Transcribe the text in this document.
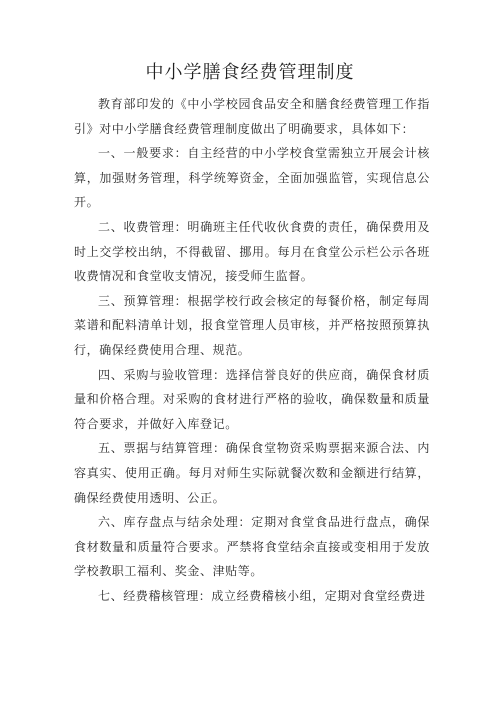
中小学膳食经费管理制度

教育部印发的《中小学校园食品安全和膳食经费管理工作指引》对中小学膳食经费管理制度做出了明确要求，具体如下：

一、一般要求：自主经营的中小学校食堂需独立开展会计核算，加强财务管理，科学统筹资金，全面加强监管，实现信息公开。

二、收费管理：明确班主任代收伙食费的责任，确保费用及时上交学校出纳，不得截留、挪用。每月在食堂公示栏公示各班收费情况和食堂收支情况，接受师生监督。

三、预算管理：根据学校行政会核定的每餐价格，制定每周菜谱和配料清单计划，报食堂管理人员审核，并严格按照预算执行，确保经费使用合理、规范。

四、采购与验收管理：选择信誉良好的供应商，确保食材质量和价格合理。对采购的食材进行严格的验收，确保数量和质量符合要求，并做好入库登记。

五、票据与结算管理：确保食堂物资采购票据来源合法、内容真实、使用正确。每月对师生实际就餐次数和金额进行结算，确保经费使用透明、公正。

六、库存盘点与结余处理：定期对食堂食品进行盘点，确保食材数量和质量符合要求。严禁将食堂结余直接或变相用于发放学校教职工福利、奖金、津贴等。

七、经费稽核管理：成立经费稽核小组，定期对食堂经费进
